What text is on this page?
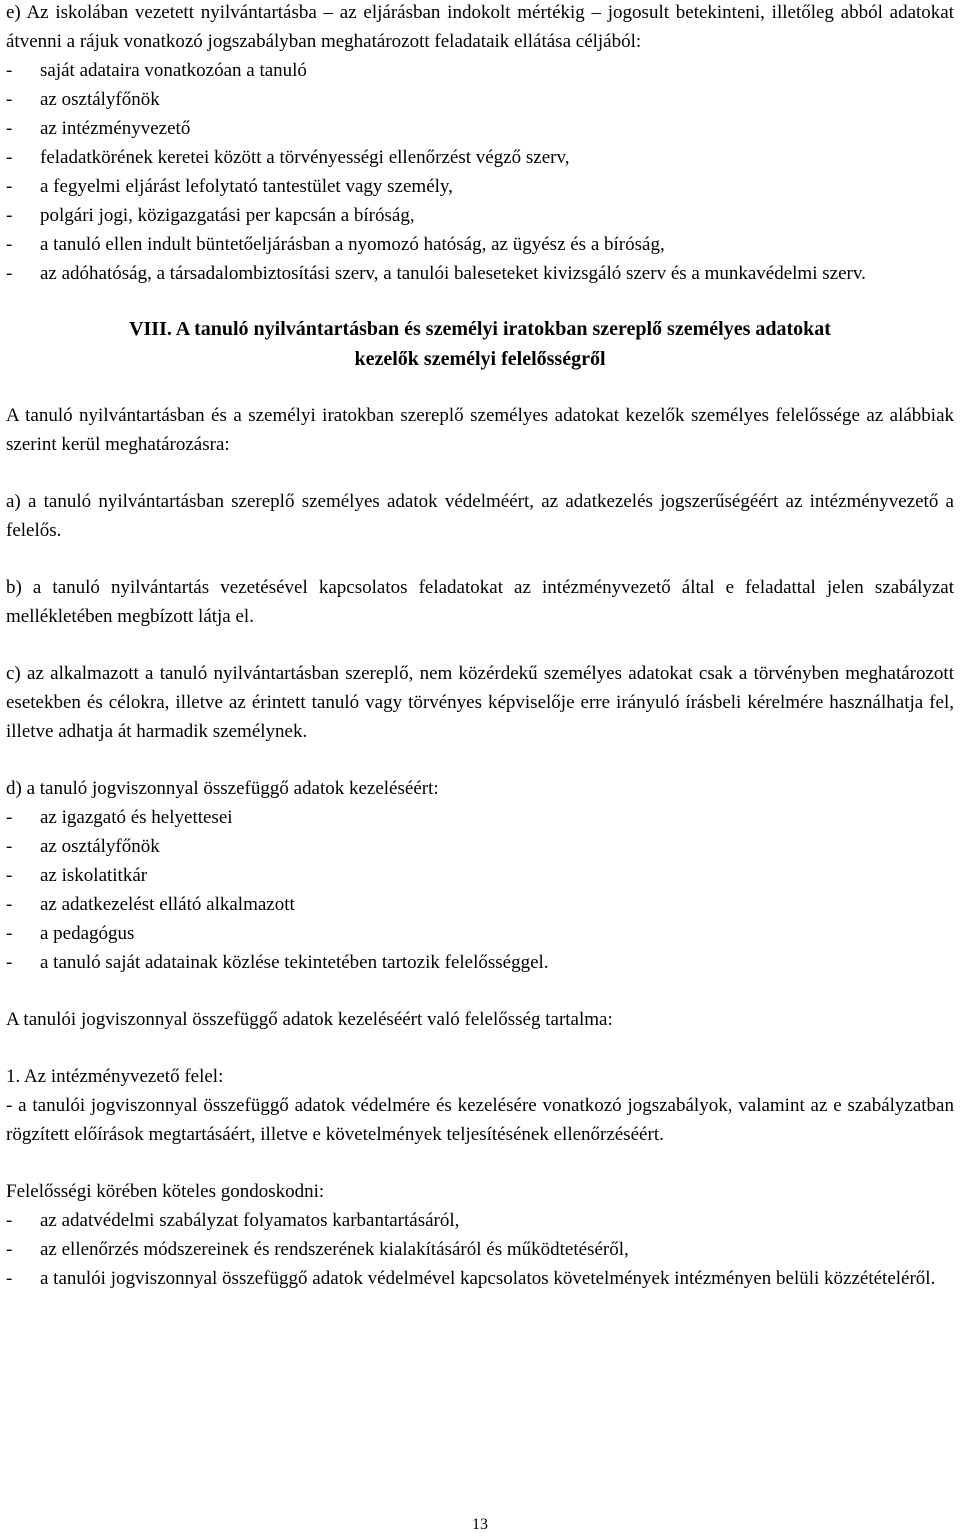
e) Az iskolában vezetett nyilvántartásba – az eljárásban indokolt mértékig – jogosult betekinteni, illetőleg abból adatokat átvenni a rájuk vonatkozó jogszabályban meghatározott feladataik ellátása céljából:

- saját adataira vonatkozóan a tanuló
- az osztályfőnök
- az intézményvezető
- feladatkörének keretei között a törvényességi ellenőrzést végző szerv,
- a fegyelmi eljárást lefolytató tantestület vagy személy,
- polgári jogi, közigazgatási per kapcsán a bíróság,
- a tanuló ellen indult büntetőeljárásban a nyomozó hatóság, az ügyész és a bíróság,
- az adóhatóság, a társadalombiztosítási szerv, a tanulói baleseteket kivizsgáló szerv és a munkavédelmi szerv.
VIII. A tanuló nyilvántartásban és személyi iratokban szereplő személyes adatokat
kezelők személyi felelősségről

A tanuló nyilvántartásban és a személyi iratokban szereplő személyes adatokat kezelők személyes felelőssége az alábbiak szerint kerül meghatározásra:

a) a tanuló nyilvántartásban szereplő személyes adatok védelméért, az adatkezelés jogszerűségéért az intézményvezető a felelős.

b) a tanuló nyilvántartás vezetésével kapcsolatos feladatokat az intézményvezető által e feladattal jelen szabályzat mellékletében megbízott látja el.

c) az alkalmazott a tanuló nyilvántartásban szereplő, nem közérdekű személyes adatokat csak a törvényben meghatározott esetekben és célokra, illetve az érintett tanuló vagy törvényes képviselője erre irányuló írásbeli kérelmére használhatja fel, illetve adhatja át harmadik személynek.

d) a tanuló jogviszonnyal összefüggő adatok kezeléséért:

- az igazgató és helyettesei
- az osztályfőnök
- az iskolatitkár
- az adatkezelést ellátó alkalmazott
- a pedagógus
- a tanuló saját adatainak közlése tekintetében tartozik felelősséggel.

A tanulói jogviszonnyal összefüggő adatok kezeléséért való felelősség tartalma:

1. Az intézményvezető felel:

- a tanulói jogviszonnyal összefüggő adatok védelmére és kezelésére vonatkozó jogszabályok, valamint az e szabályzatban rögzített előírások megtartásáért, illetve e követelmények teljesítésének ellenőrzéséért.

Felelősségi körében köteles gondoskodni:

- az adatvédelmi szabályzat folyamatos karbantartásáról,
- az ellenőrzés módszereinek és rendszerének kialakításáról és működtetéséről,
- a tanulói jogviszonnyal összefüggő adatok védelmével kapcsolatos követelmények intézményen belüli közzétételéről.
13
